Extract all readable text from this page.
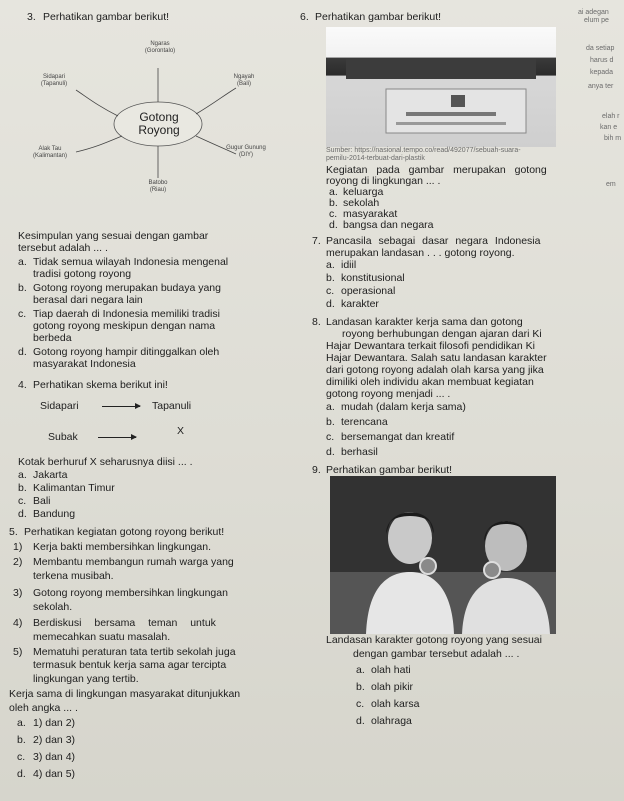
3. Perhatikan gambar berikut!
Ngaras
(Gorontalo)
Sidapari
(Tapanuli)
Ngayah
(Bali)
Gotong
Royong
Alak Tau
(Kalimantan)
Gugur Gunung
(DIY)
Batobo
(Riau)
Kesimpulan yang sesuai dengan gambar
tersebut adalah ... .
a. Tidak semua wilayah Indonesia mengenal
tradisi gotong royong
b. Gotong royong merupakan budaya yang
berasal dari negara lain
c. Tiap daerah di Indonesia memiliki tradisi
gotong royong meskipun dengan nama
berbeda
d. Gotong royong hampir ditinggalkan oleh
masyarakat Indonesia
4. Perhatikan skema berikut ini!
Sidapari	Tapanuli
Subak	X
Kotak berhuruf X seharusnya diisi ... .
a. Jakarta
b. Kalimantan Timur
c. Bali
d. Bandung
5. Perhatikan kegiatan gotong royong berikut!
1) Kerja bakti membersihkan lingkungan.
2) Membantu membangun rumah warga yang
terkena musibah.
3) Gotong royong membersihkan lingkungan
sekolah.
4) Berdiskusi bersama teman untuk
memecahkan suatu masalah.
5) Mematuhi peraturan tata tertib sekolah juga
termasuk bentuk kerja sama agar tercipta
lingkungan yang tertib.
Kerja sama di lingkungan masyarakat ditunjukkan
oleh angka ... .
a. 1) dan 2)
b. 2) dan 3)
c. 3) dan 4)
d. 4) dan 5)
6. Perhatikan gambar berikut!
Sumber: https://nasional.tempo.co/read/492077/sebuah-suara-
pemilu-2014-terbuat-dari-plastik
Kegiatan pada gambar merupakan gotong
royong di lingkungan ... .
a. keluarga
b. sekolah
c. masyarakat
d. bangsa dan negara
7. Pancasila sebagai dasar negara Indonesia
merupakan landasan . . . gotong royong.
a. idiil
b. konstitusional
c. operasional
d. karakter
8. Landasan karakter kerja sama dan gotong
royong berhubungan dengan ajaran dari Ki
Hajar Dewantara terkait filosofi pendidikan Ki
Hajar Dewantara. Salah satu landasan karakter
dari gotong royong adalah olah karsa yang jika
dimiliki oleh individu akan membuat kegiatan
gotong royong menjadi ... .
a. mudah (dalam kerja sama)
b. terencana
c. bersemangat dan kreatif
d. berhasil
9. Perhatikan gambar berikut!
Landasan karakter gotong royong yang sesuai
dengan gambar tersebut adalah ... .
a. olah hati
b. olah pikir
c. olah karsa
d. olahraga
ai adegan
elum pe
da setiap
harus d
kepada
anya ter
elah r
kan e
bih m
em
